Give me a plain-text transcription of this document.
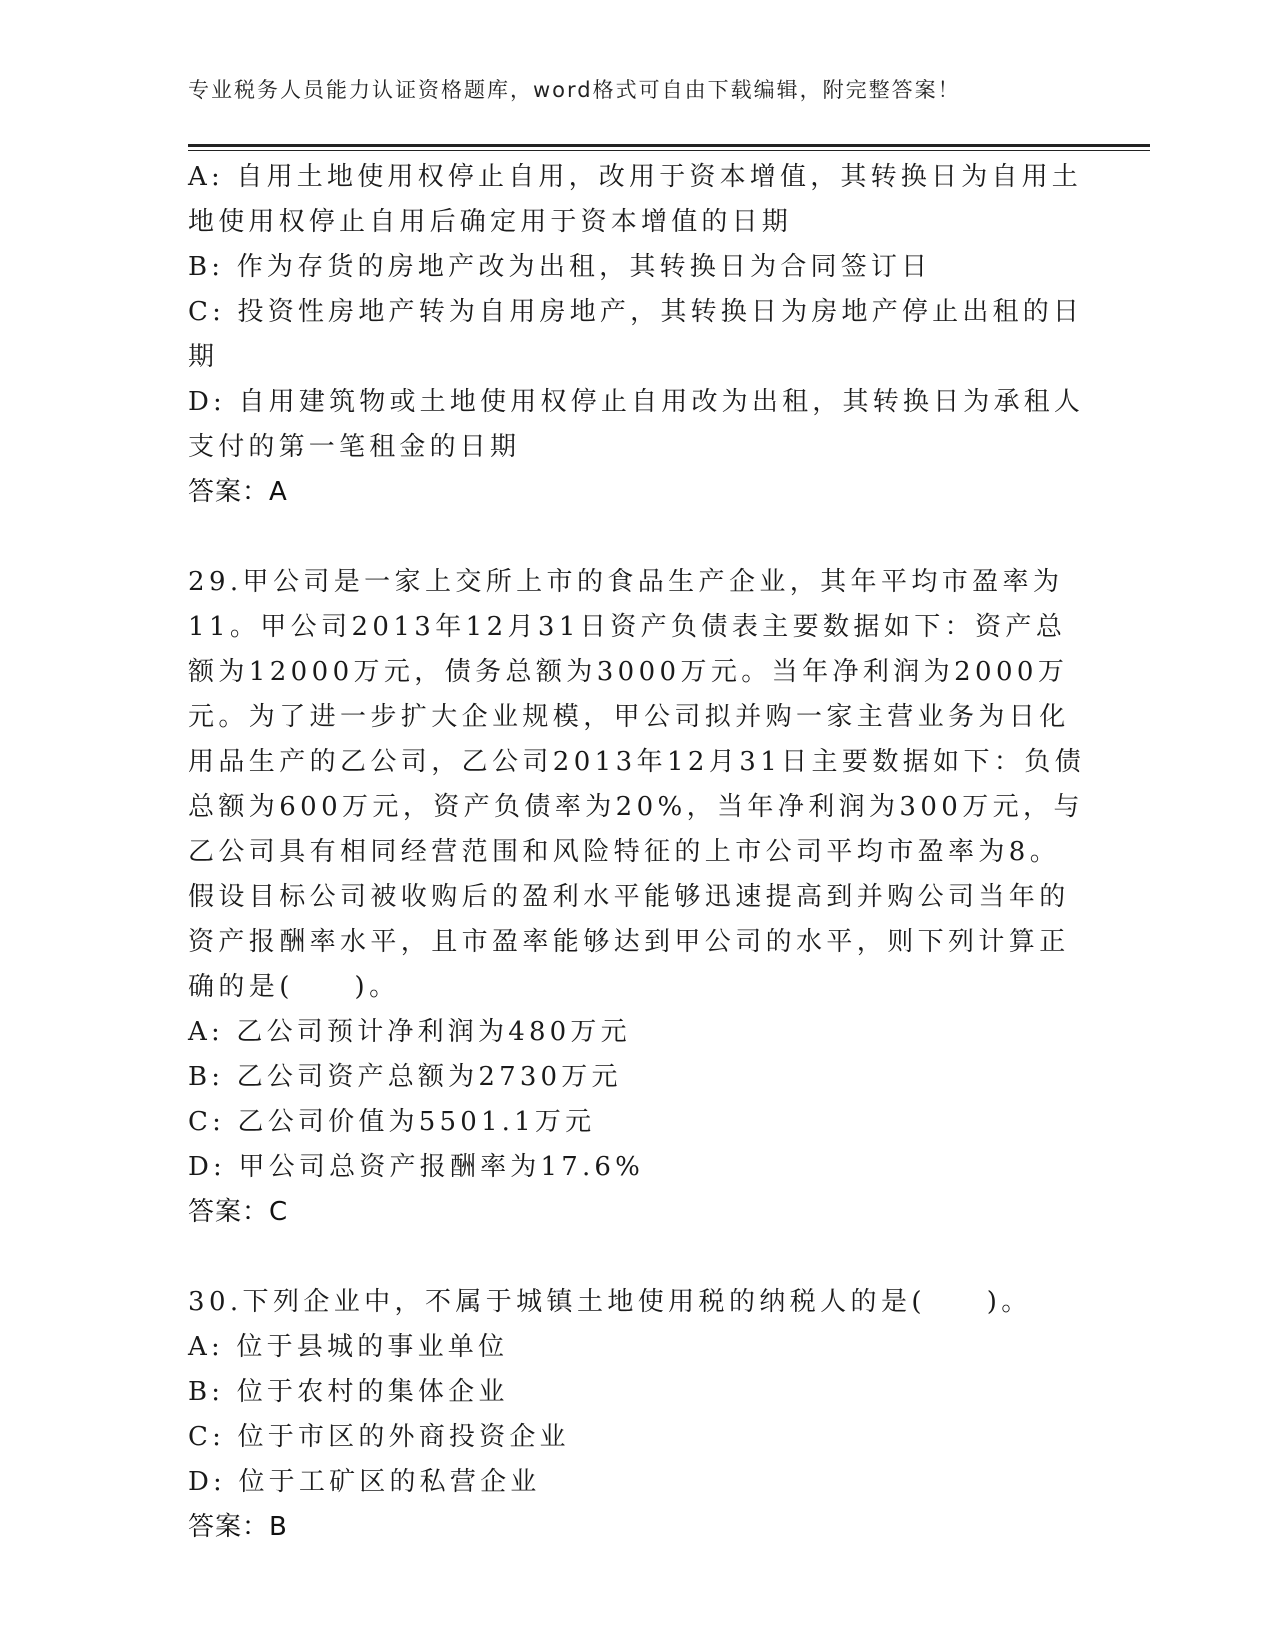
专业税务人员能力认证资格题库，word格式可自由下载编辑，附完整答案！

A: 自用土地使用权停止自用，改用于资本增值，其转换日为自用土地使用权停止自用后确定用于资本增值的日期

B: 作为存货的房地产改为出租，其转换日为合同签订日

C: 投资性房地产转为自用房地产，其转换日为房地产停止出租的日期

D: 自用建筑物或土地使用权停止自用改为出租，其转换日为承租人支付的第一笔租金的日期

答案：A

29.甲公司是一家上交所上市的食品生产企业，其年平均市盈率为11。甲公司2013年12月31日资产负债表主要数据如下：资产总额为12000万元，债务总额为3000万元。当年净利润为2000万元。为了进一步扩大企业规模，甲公司拟并购一家主营业务为日化用品生产的乙公司，乙公司2013年12月31日主要数据如下：负债总额为600万元，资产负债率为20%，当年净利润为300万元，与乙公司具有相同经营范围和风险特征的上市公司平均市盈率为8。　　假设目标公司被收购后的盈利水平能够迅速提高到并购公司当年的资产报酬率水平，且市盈率能够达到甲公司的水平，则下列计算正确的是(　　)。

A: 乙公司预计净利润为480万元

B: 乙公司资产总额为2730万元

C: 乙公司价值为5501.1万元

D: 甲公司总资产报酬率为17.6%

答案：C

30.下列企业中，不属于城镇土地使用税的纳税人的是(　　)。

A: 位于县城的事业单位

B: 位于农村的集体企业

C: 位于市区的外商投资企业

D: 位于工矿区的私营企业

答案：B
